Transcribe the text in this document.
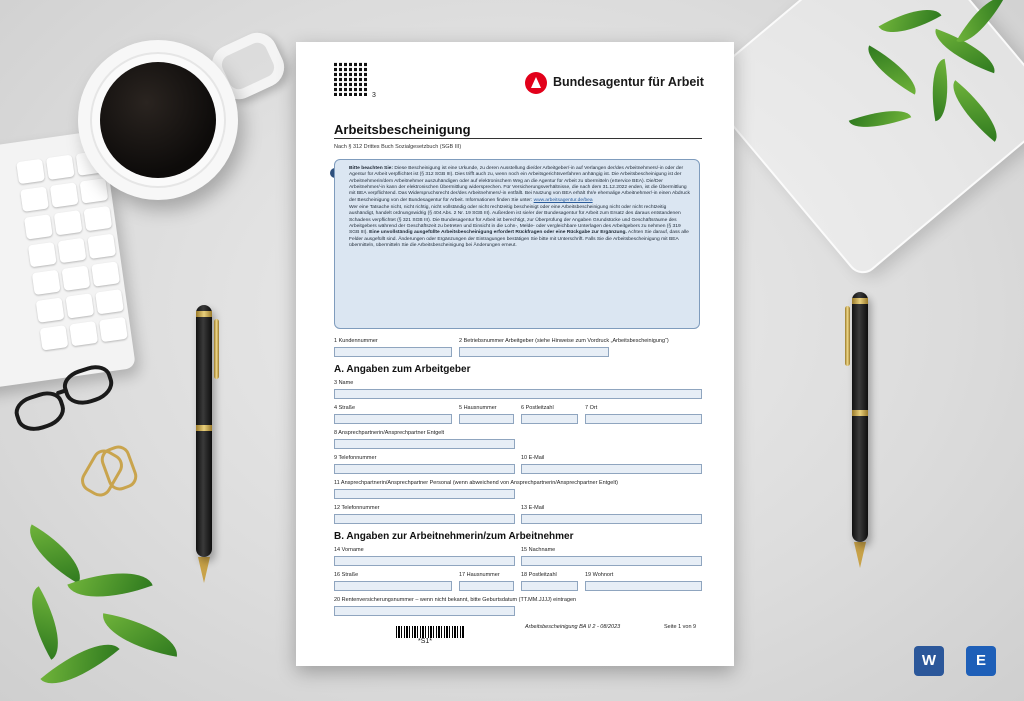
3
Bundesagentur für Arbeit
Arbeitsbescheinigung
Nach § 312 Drittes Buch Sozialgesetzbuch (SGB III)

Bitte beachten Sie: Diese Bescheinigung ist eine Urkunde, zu deren Ausstellung die/der Arbeitgeber/-in auf Verlangen der/des Arbeitnehmers/-in oder der Agentur für Arbeit verpflichtet ist (§ 312 SGB III). Dies trifft auch zu, wenn noch ein Arbeitsgerichtsverfahren anhängig ist. Die Arbeitsbescheinigung ist der Arbeitnehmerin/dem Arbeitnehmer auszuhändigen oder auf elektronischem Weg an die Agentur für Arbeit zu übermitteln (eService BEA). Die/Der Arbeitnehmer/-in kann der elektronischen Übermittlung widersprechen. Für Versicherungsverhältnisse, die nach dem 31.12.2022 enden, ist die Übermittlung mit BEA verpflichtend. Das Widerspruchsrecht der/des Arbeitnehmers/-in entfällt. Bei Nutzung von BEA erhält Ihr/e ehemalige Arbeitnehmer/-in einen Abdruck der Bescheinigung von der Bundesagentur für Arbeit. Informationen finden Sie unter: www.arbeitsagentur.de/bea

Wer eine Tatsache nicht, nicht richtig, nicht vollständig oder nicht rechtzeitig bescheinigt oder eine Arbeitsbescheinigung nicht oder nicht rechtzeitig aushändigt, handelt ordnungswidrig (§ 404 Abs. 2 Nr. 19 SGB III). Außerdem ist sie/er der Bundesagentur für Arbeit zum Ersatz des daraus entstandenen Schadens verpflichtet (§ 321 SGB III). Die Bundesagentur für Arbeit ist berechtigt, zur Überprüfung der Angaben Grundstücke und Geschäftsräume des Arbeitgebers während der Geschäftszeit zu betreten und Einsicht in die Lohn-, Melde- oder vergleichbare Unterlagen des Arbeitgebers zu nehmen (§ 319 SGB III). Eine unvollständig ausgefüllte Arbeitsbescheinigung erfordert Rückfragen oder eine Rückgabe zur Ergänzung. Achten Sie darauf, dass alle Felder ausgefüllt sind. Änderungen oder Ergänzungen der Eintragungen bestätigen Sie bitte mit Unterschrift. Falls Sie die Arbeitsbescheinigung mit BEA übermitteln, übermitteln Sie die Arbeitsbescheinigung bei Änderungen erneut.

1 Kundennummer	2 Betriebsnummer Arbeitgeber (siehe Hinweise zum Vordruck „Arbeitsbescheinigung“)
A. Angaben zum Arbeitgeber
3 Name
4 Straße	5 Hausnummer	6 Postleitzahl	7 Ort
8 Ansprechpartnerin/Ansprechpartner Entgelt
9 Telefonnummer	10 E-Mail
11 Ansprechpartnerin/Ansprechpartner Personal (wenn abweichend von Ansprechpartnerin/Ansprechpartner Entgelt)
12 Telefonnummer	13 E-Mail
B. Angaben zur Arbeitnehmerin/zum Arbeitnehmer
14 Vorname	15 Nachname
16 Straße	17 Hausnummer	18 Postleitzahl	19 Wohnort
20 Rentenversicherungsnummer – wenn nicht bekannt, bitte Geburtsdatum (TT.MM.JJJJ) eintragen
*S1*
Arbeitsbescheinigung BA II 2 - 08/2023	Seite 1 von 9
W	E
